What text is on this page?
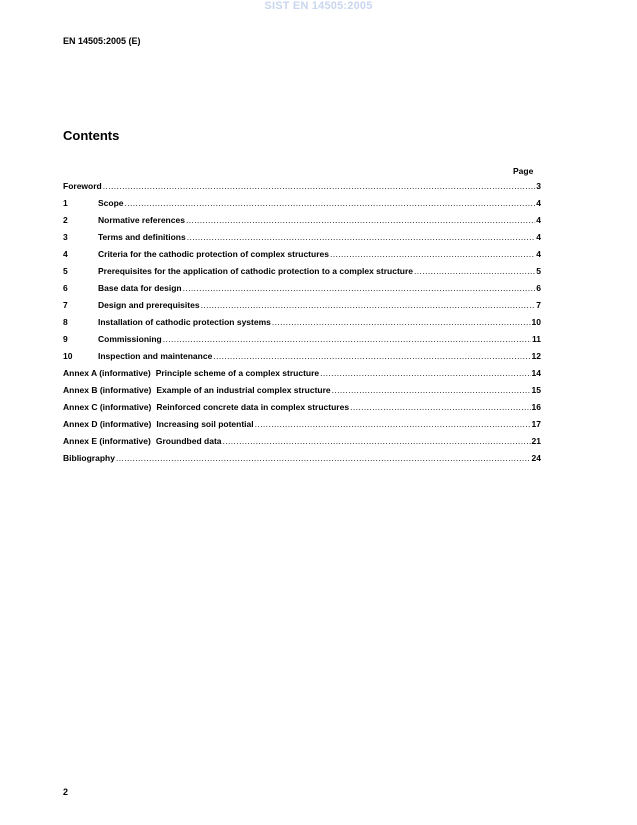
SIST EN 14505:2005
EN 14505:2005 (E)
Contents
Page
Foreword .....	3
1	Scope .....	4
2	Normative references .....	4
3	Terms and definitions .....	4
4	Criteria for the cathodic protection of complex structures .....	4
5	Prerequisites for the application of cathodic protection to a complex structure .....	5
6	Base data for design .....	6
7	Design and prerequisites .....	7
8	Installation of cathodic protection systems .....	10
9	Commissioning .....	11
10	Inspection and maintenance .....	12
Annex A (informative) Principle scheme of a complex structure .....	14
Annex B (informative) Example of an industrial complex structure .....	15
Annex C (informative) Reinforced concrete data in complex structures .....	16
Annex D (informative) Increasing soil potential .....	17
Annex E (informative) Groundbed data .....	21
Bibliography .....	24
2
